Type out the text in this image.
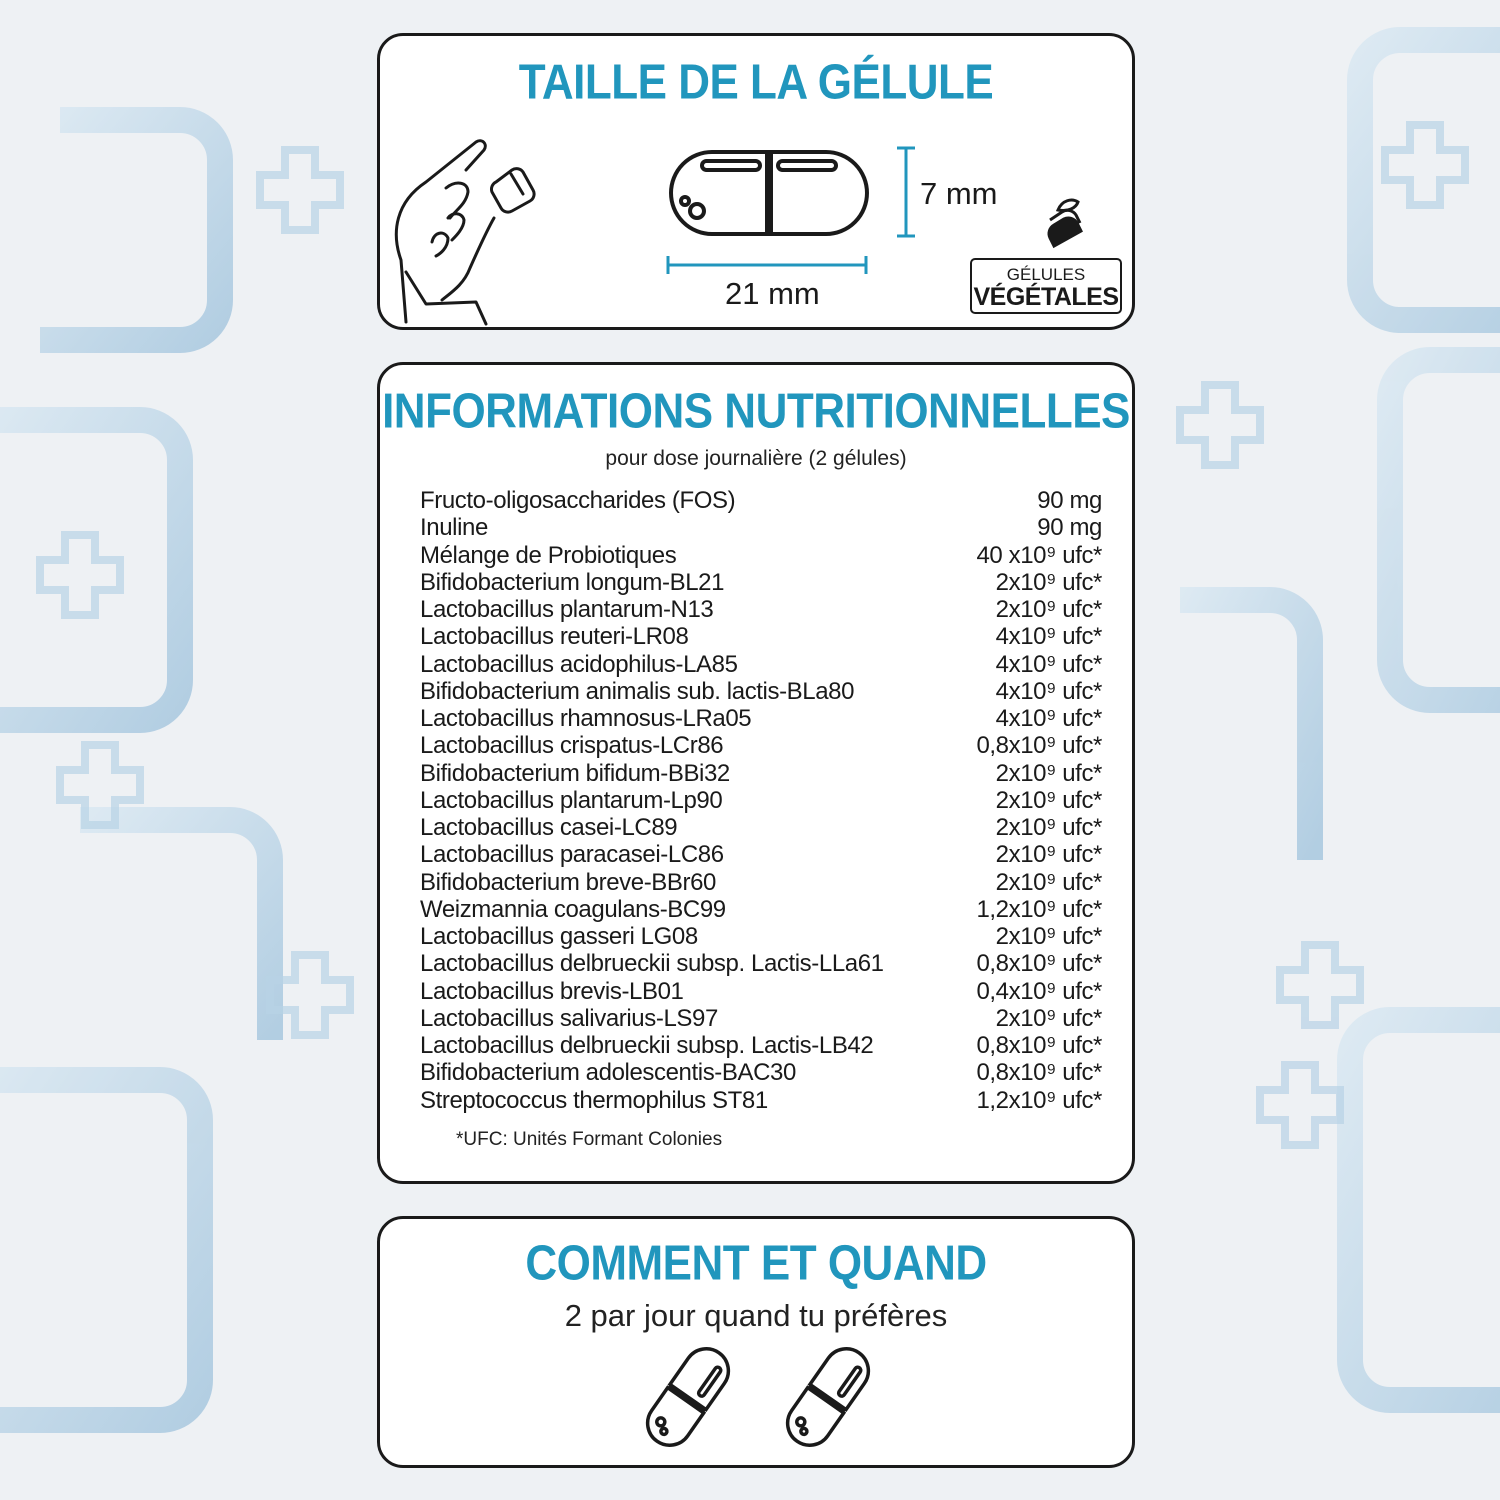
TAILLE DE LA GÉLULE
7 mm
21 mm
GÉLULES
VÉGÉTALES
INFORMATIONS NUTRITIONNELLES
pour dose journalière (2 gélules)
Fructo-oligosaccharides (FOS)	90 mg
Inuline	90 mg
Mélange de Probiotiques	40 x10⁹ ufc*
Bifidobacterium longum-BL21	2x10⁹ ufc*
Lactobacillus plantarum-N13	2x10⁹ ufc*
Lactobacillus reuteri-LR08	4x10⁹ ufc*
Lactobacillus acidophilus-LA85	4x10⁹ ufc*
Bifidobacterium animalis sub. lactis-BLa80	4x10⁹ ufc*
Lactobacillus rhamnosus-LRa05	4x10⁹ ufc*
Lactobacillus crispatus-LCr86	0,8x10⁹ ufc*
Bifidobacterium bifidum-BBi32	2x10⁹ ufc*
Lactobacillus plantarum-Lp90	2x10⁹ ufc*
Lactobacillus casei-LC89	2x10⁹ ufc*
Lactobacillus paracasei-LC86	2x10⁹ ufc*
Bifidobacterium breve-BBr60	2x10⁹ ufc*
Weizmannia coagulans-BC99	1,2x10⁹ ufc*
Lactobacillus gasseri LG08	2x10⁹ ufc*
Lactobacillus delbrueckii subsp. Lactis-LLa61	0,8x10⁹ ufc*
Lactobacillus brevis-LB01	0,4x10⁹ ufc*
Lactobacillus salivarius-LS97	2x10⁹ ufc*
Lactobacillus delbrueckii subsp. Lactis-LB42	0,8x10⁹ ufc*
Bifidobacterium adolescentis-BAC30	0,8x10⁹ ufc*
Streptococcus thermophilus ST81	1,2x10⁹ ufc*
*UFC: Unités Formant Colonies
COMMENT ET QUAND
2 par jour quand tu préfères
